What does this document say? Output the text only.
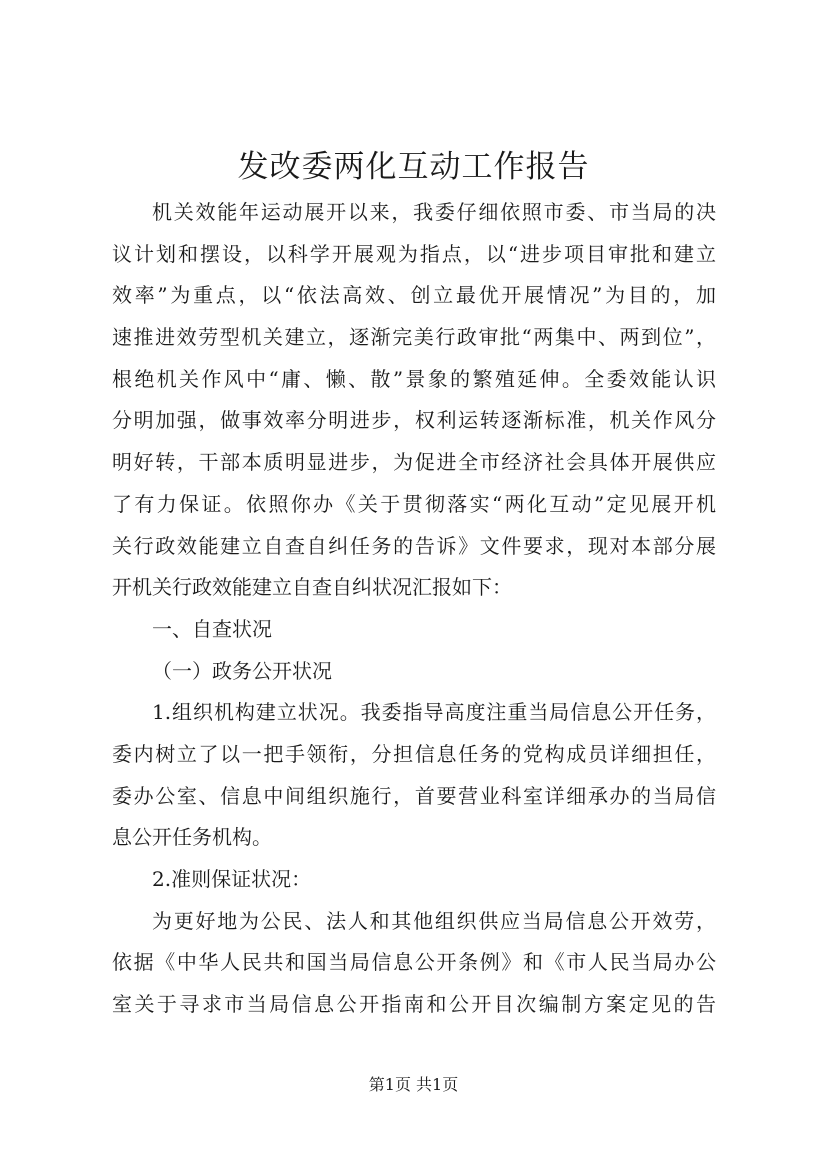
发改委两化互动工作报告
机关效能年运动展开以来，我委仔细依照市委、市当局的决
议计划和摆设，以科学开展观为指点，以“进步项目审批和建立
效率”为重点，以“依法高效、创立最优开展情况”为目的，加
速推进效劳型机关建立，逐渐完美行政审批“两集中、两到位”，
根绝机关作风中“庸、懒、散”景象的繁殖延伸。全委效能认识
分明加强，做事效率分明进步，权利运转逐渐标准，机关作风分
明好转，干部本质明显进步，为促进全市经济社会具体开展供应
了有力保证。依照你办《关于贯彻落实“两化互动”定见展开机
关行政效能建立自查自纠任务的告诉》文件要求，现对本部分展
开机关行政效能建立自查自纠状况汇报如下：
一、自查状况
（一）政务公开状况
1.组织机构建立状况。我委指导高度注重当局信息公开任务，
委内树立了以一把手领衔，分担信息任务的党构成员详细担任，
委办公室、信息中间组织施行，首要营业科室详细承办的当局信
息公开任务机构。
2.准则保证状况：
为更好地为公民、法人和其他组织供应当局信息公开效劳，
依据《中华人民共和国当局信息公开条例》和《市人民当局办公
室关于寻求市当局信息公开指南和公开目次编制方案定见的告
第1页 共1页
